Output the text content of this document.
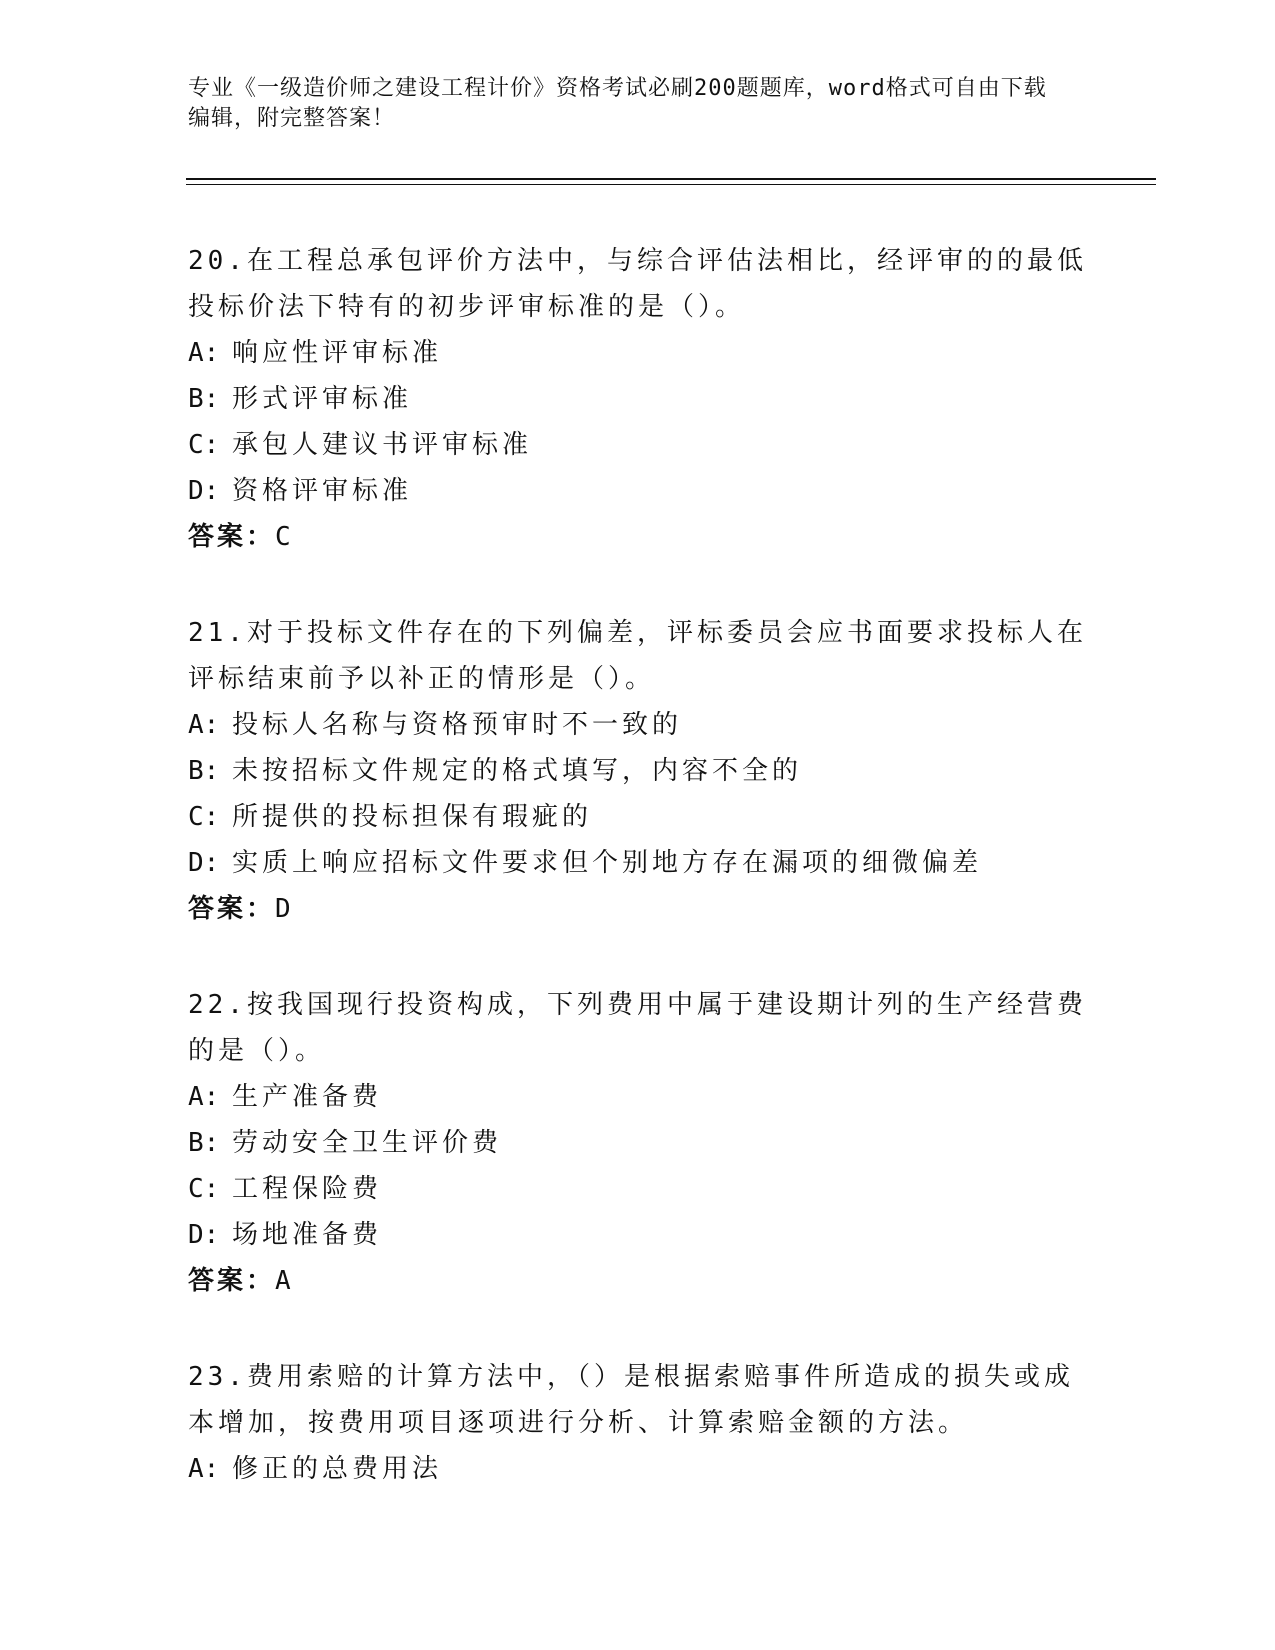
专业《一级造价师之建设工程计价》资格考试必刷200题题库，word格式可自由下载编辑，附完整答案！
20.在工程总承包评价方法中，与综合评估法相比，经评审的的最低投标价法下特有的初步评审标准的是（）。
A: 响应性评审标准
B: 形式评审标准
C: 承包人建议书评审标准
D: 资格评审标准
答案：C
21.对于投标文件存在的下列偏差，评标委员会应书面要求投标人在评标结束前予以补正的情形是（）。
A: 投标人名称与资格预审时不一致的
B: 未按招标文件规定的格式填写，内容不全的
C: 所提供的投标担保有瑕疵的
D: 实质上响应招标文件要求但个别地方存在漏项的细微偏差
答案：D
22.按我国现行投资构成，下列费用中属于建设期计列的生产经营费的是（）。
A: 生产准备费
B: 劳动安全卫生评价费
C: 工程保险费
D: 场地准备费
答案：A
23.费用索赔的计算方法中，（）是根据索赔事件所造成的损失或成本增加，按费用项目逐项进行分析、计算索赔金额的方法。
A: 修正的总费用法
